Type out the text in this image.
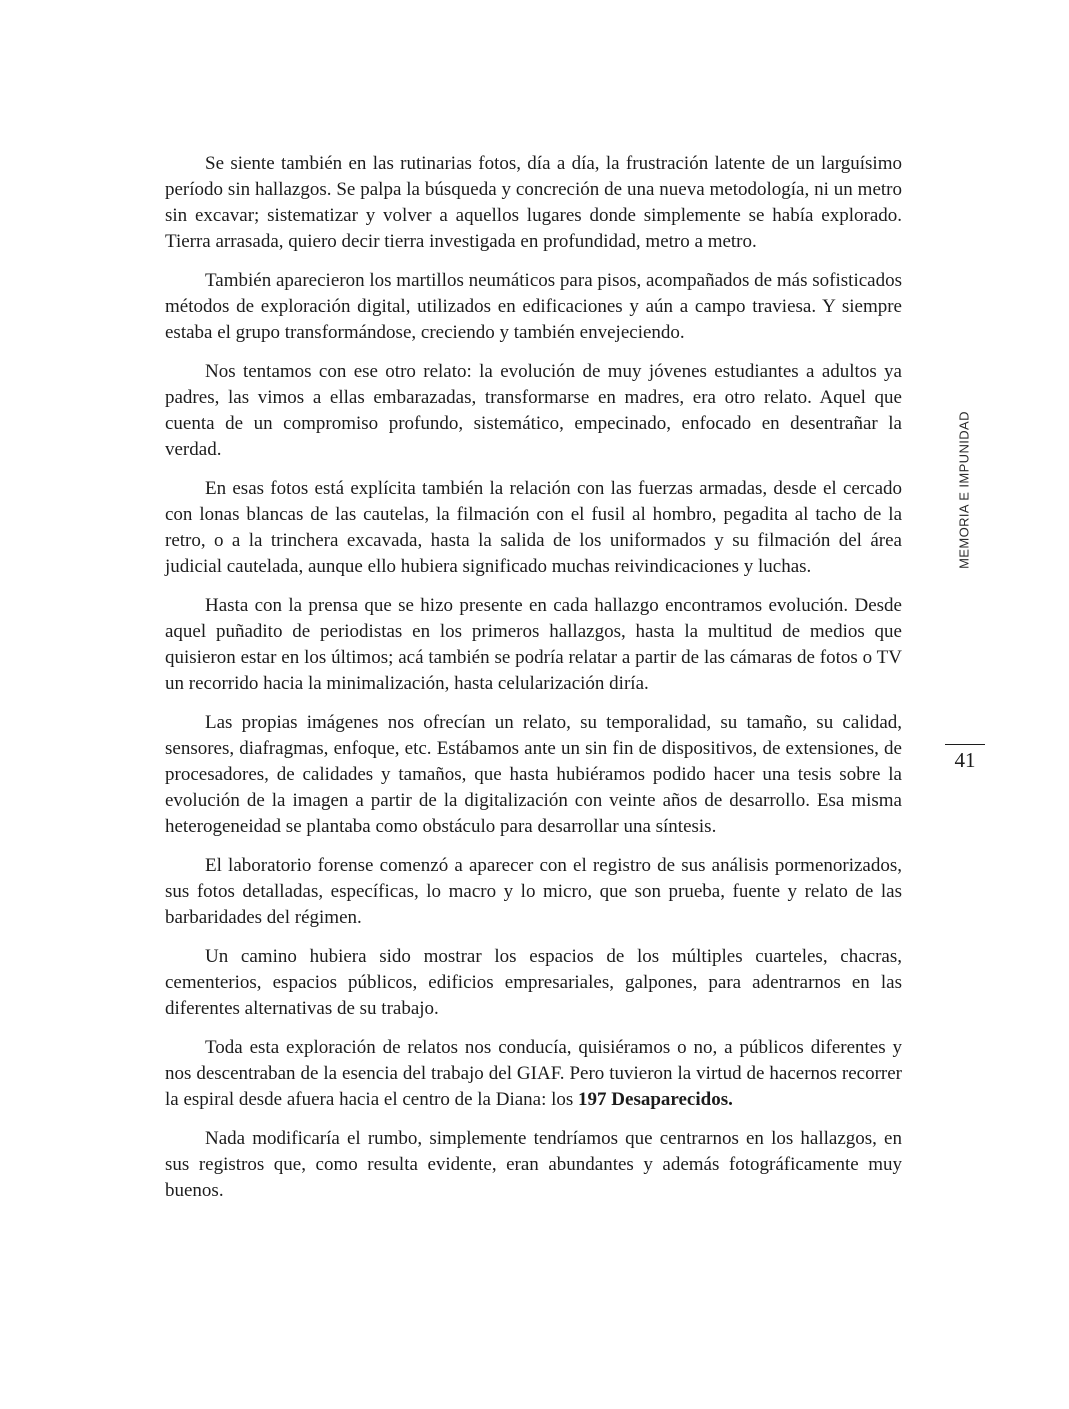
Se siente también en las rutinarias fotos, día a día, la frustración latente de un larguísimo período sin hallazgos. Se palpa la búsqueda y concreción de una nueva metodología, ni un metro sin excavar; sistematizar y volver a aquellos lugares donde simplemente se había explorado. Tierra arrasada, quiero decir tierra investigada en profundidad, metro a metro.

También aparecieron los martillos neumáticos para pisos, acompañados de más sofisticados métodos de exploración digital, utilizados en edificaciones y aún a campo traviesa. Y siempre estaba el grupo transformándose, creciendo y también envejeciendo.

Nos tentamos con ese otro relato: la evolución de muy jóvenes estudiantes a adultos ya padres, las vimos a ellas embarazadas, transformarse en madres, era otro relato. Aquel que cuenta de un compromiso profundo, sistemático, empecinado, enfocado en desentrañar la verdad.

En esas fotos está explícita también la relación con las fuerzas armadas, desde el cercado con lonas blancas de las cautelas, la filmación con el fusil al hombro, pegadita al tacho de la retro, o a la trinchera excavada, hasta la salida de los uniformados y su filmación del área judicial cautelada, aunque ello hubiera significado muchas reivindicaciones y luchas.

Hasta con la prensa que se hizo presente en cada hallazgo encontramos evolución. Desde aquel puñadito de periodistas en los primeros hallazgos, hasta la multitud de medios que quisieron estar en los últimos; acá también se podría relatar a partir de las cámaras de fotos o TV un recorrido hacia la minimalización, hasta celularización diría.

Las propias imágenes nos ofrecían un relato, su temporalidad, su tamaño, su calidad, sensores, diafragmas, enfoque, etc. Estábamos ante un sin fin de dispositivos, de extensiones, de procesadores, de calidades y tamaños, que hasta hubiéramos podido hacer una tesis sobre la evolución de la imagen a partir de la digitalización con veinte años de desarrollo. Esa misma heterogeneidad se plantaba como obstáculo para desarrollar una síntesis.

El laboratorio forense comenzó a aparecer con el registro de sus análisis pormenorizados, sus fotos detalladas, específicas, lo macro y lo micro, que son prueba, fuente y relato de las barbaridades del régimen.

Un camino hubiera sido mostrar los espacios de los múltiples cuarteles, chacras, cementerios, espacios públicos, edificios empresariales, galpones, para adentrarnos en las diferentes alternativas de su trabajo.

Toda esta exploración de relatos nos conducía, quisiéramos o no, a públicos diferentes y nos descentraban de la esencia del trabajo del GIAF. Pero tuvieron la virtud de hacernos recorrer la espiral desde afuera hacia el centro de la Diana: los 197 Desaparecidos.

Nada modificaría el rumbo, simplemente tendríamos que centrarnos en los hallazgos, en sus registros que, como resulta evidente, eran abundantes y además fotográficamente muy buenos.

MEMORIA E IMPUNIDAD
41
